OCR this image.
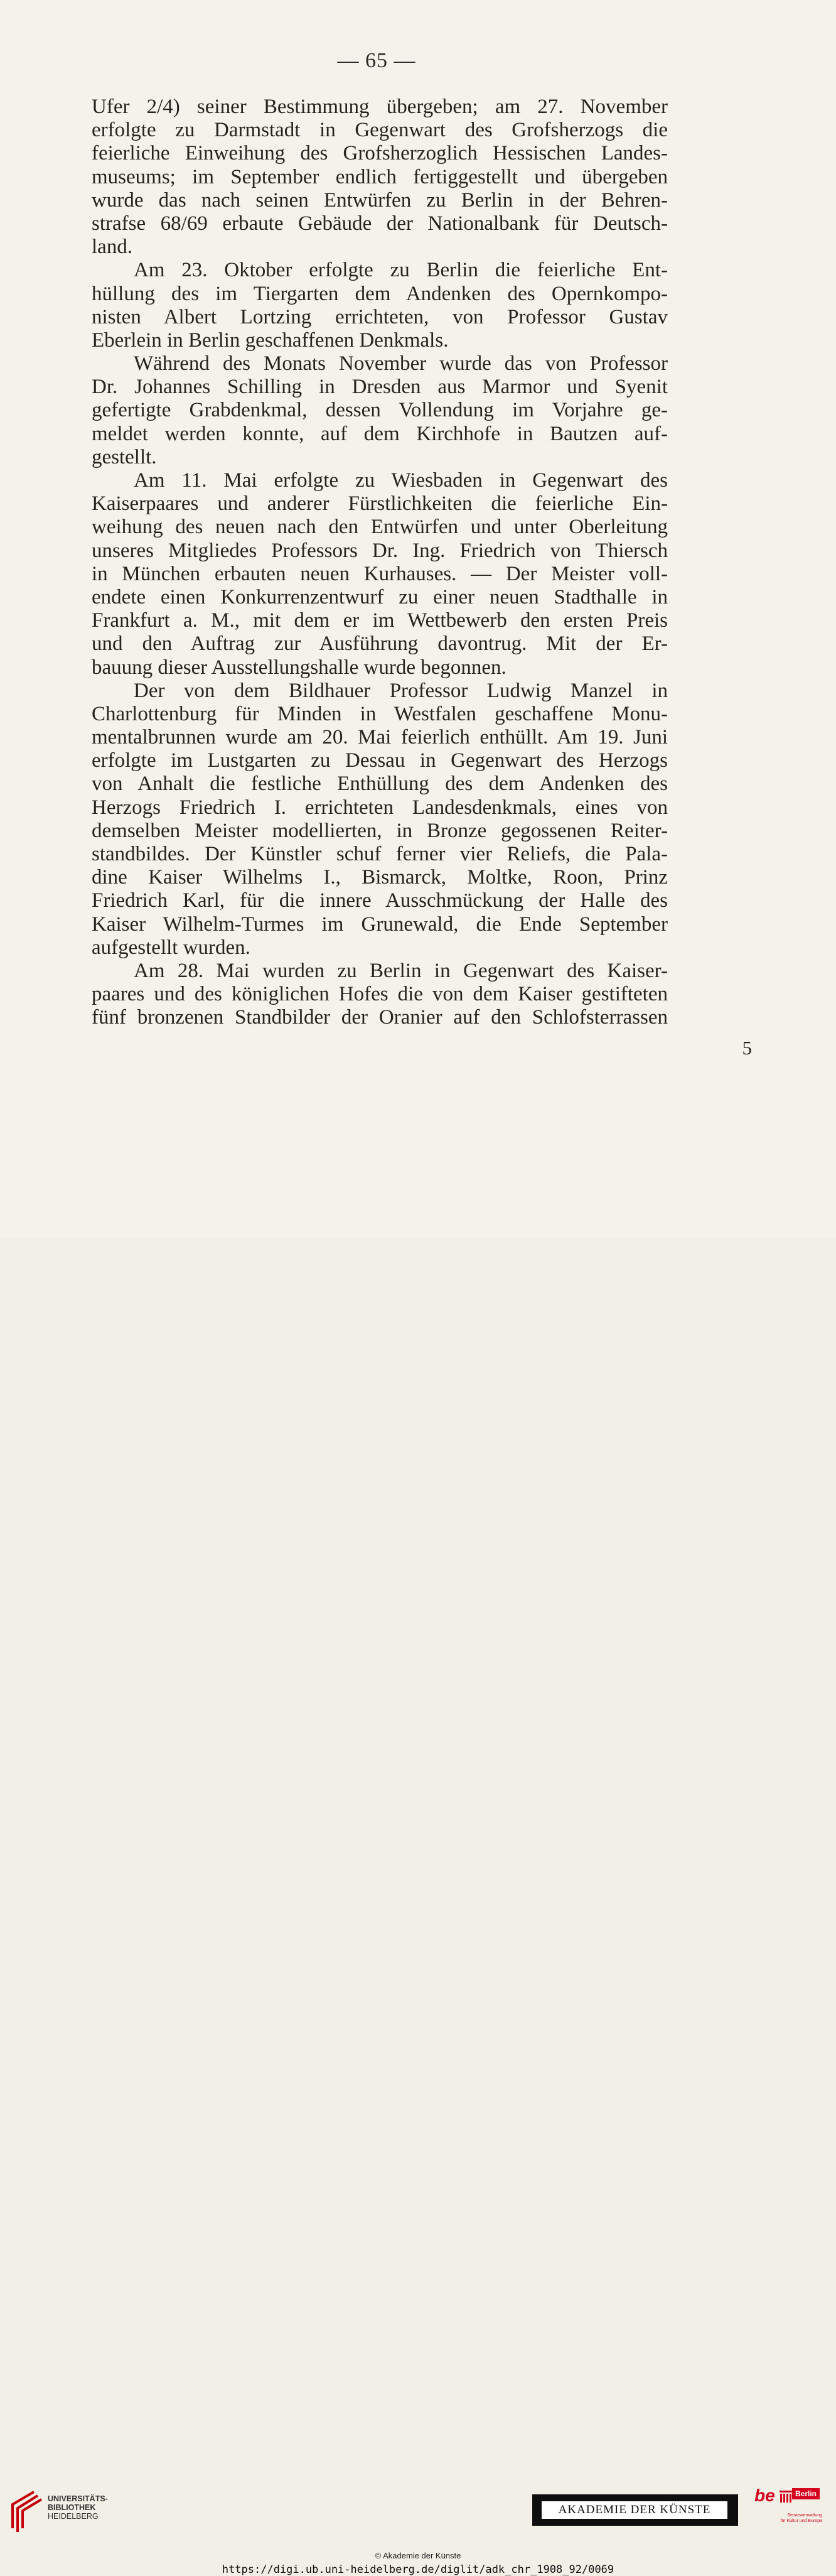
— 65 —
Ufer 2/4) seiner Bestimmung übergeben; am 27. November
erfolgte zu Darmstadt in Gegenwart des Grofsherzogs die
feierliche Einweihung des Grofsherzoglich Hessischen Landes-
museums; im September endlich fertiggestellt und übergeben
wurde das nach seinen Entwürfen zu Berlin in der Behren-
strafse 68/69 erbaute Gebäude der Nationalbank für Deutsch-
land.
Am 23. Oktober erfolgte zu Berlin die feierliche Ent-
hüllung des im Tiergarten dem Andenken des Opernkompo-
nisten Albert Lortzing errichteten, von Professor Gustav
Eberlein in Berlin geschaffenen Denkmals.
Während des Monats November wurde das von Professor
Dr. Johannes Schilling in Dresden aus Marmor und Syenit
gefertigte Grabdenkmal, dessen Vollendung im Vorjahre ge-
meldet werden konnte, auf dem Kirchhofe in Bautzen auf-
gestellt.
Am 11. Mai erfolgte zu Wiesbaden in Gegenwart des
Kaiserpaares und anderer Fürstlichkeiten die feierliche Ein-
weihung des neuen nach den Entwürfen und unter Oberleitung
unseres Mitgliedes Professors Dr. Ing. Friedrich von Thiersch
in München erbauten neuen Kurhauses. — Der Meister voll-
endete einen Konkurrenzentwurf zu einer neuen Stadthalle in
Frankfurt a. M., mit dem er im Wettbewerb den ersten Preis
und den Auftrag zur Ausführung davontrug. Mit der Er-
bauung dieser Ausstellungshalle wurde begonnen.
Der von dem Bildhauer Professor Ludwig Manzel in
Charlottenburg für Minden in Westfalen geschaffene Monu-
mentalbrunnen wurde am 20. Mai feierlich enthüllt. Am 19. Juni
erfolgte im Lustgarten zu Dessau in Gegenwart des Herzogs
von Anhalt die festliche Enthüllung des dem Andenken des
Herzogs Friedrich I. errichteten Landesdenkmals, eines von
demselben Meister modellierten, in Bronze gegossenen Reiter-
standbildes. Der Künstler schuf ferner vier Reliefs, die Pala-
dine Kaiser Wilhelms I., Bismarck, Moltke, Roon, Prinz
Friedrich Karl, für die innere Ausschmückung der Halle des
Kaiser Wilhelm-Turmes im Grunewald, die Ende September
aufgestellt wurden.
Am 28. Mai wurden zu Berlin in Gegenwart des Kaiser-
paares und des königlichen Hofes die von dem Kaiser gestifteten
fünf bronzenen Standbilder der Oranier auf den Schlofsterrassen
5
UNIVERSITÄTS-
BIBLIOTHEK
HEIDELBERG	AKADEMIE DER KÜNSTE
be	Berlin
Senatsverwaltung
für Kultur und Europa
© Akademie der Künste
https://digi.ub.uni-heidelberg.de/diglit/adk_chr_1908_92/0069
